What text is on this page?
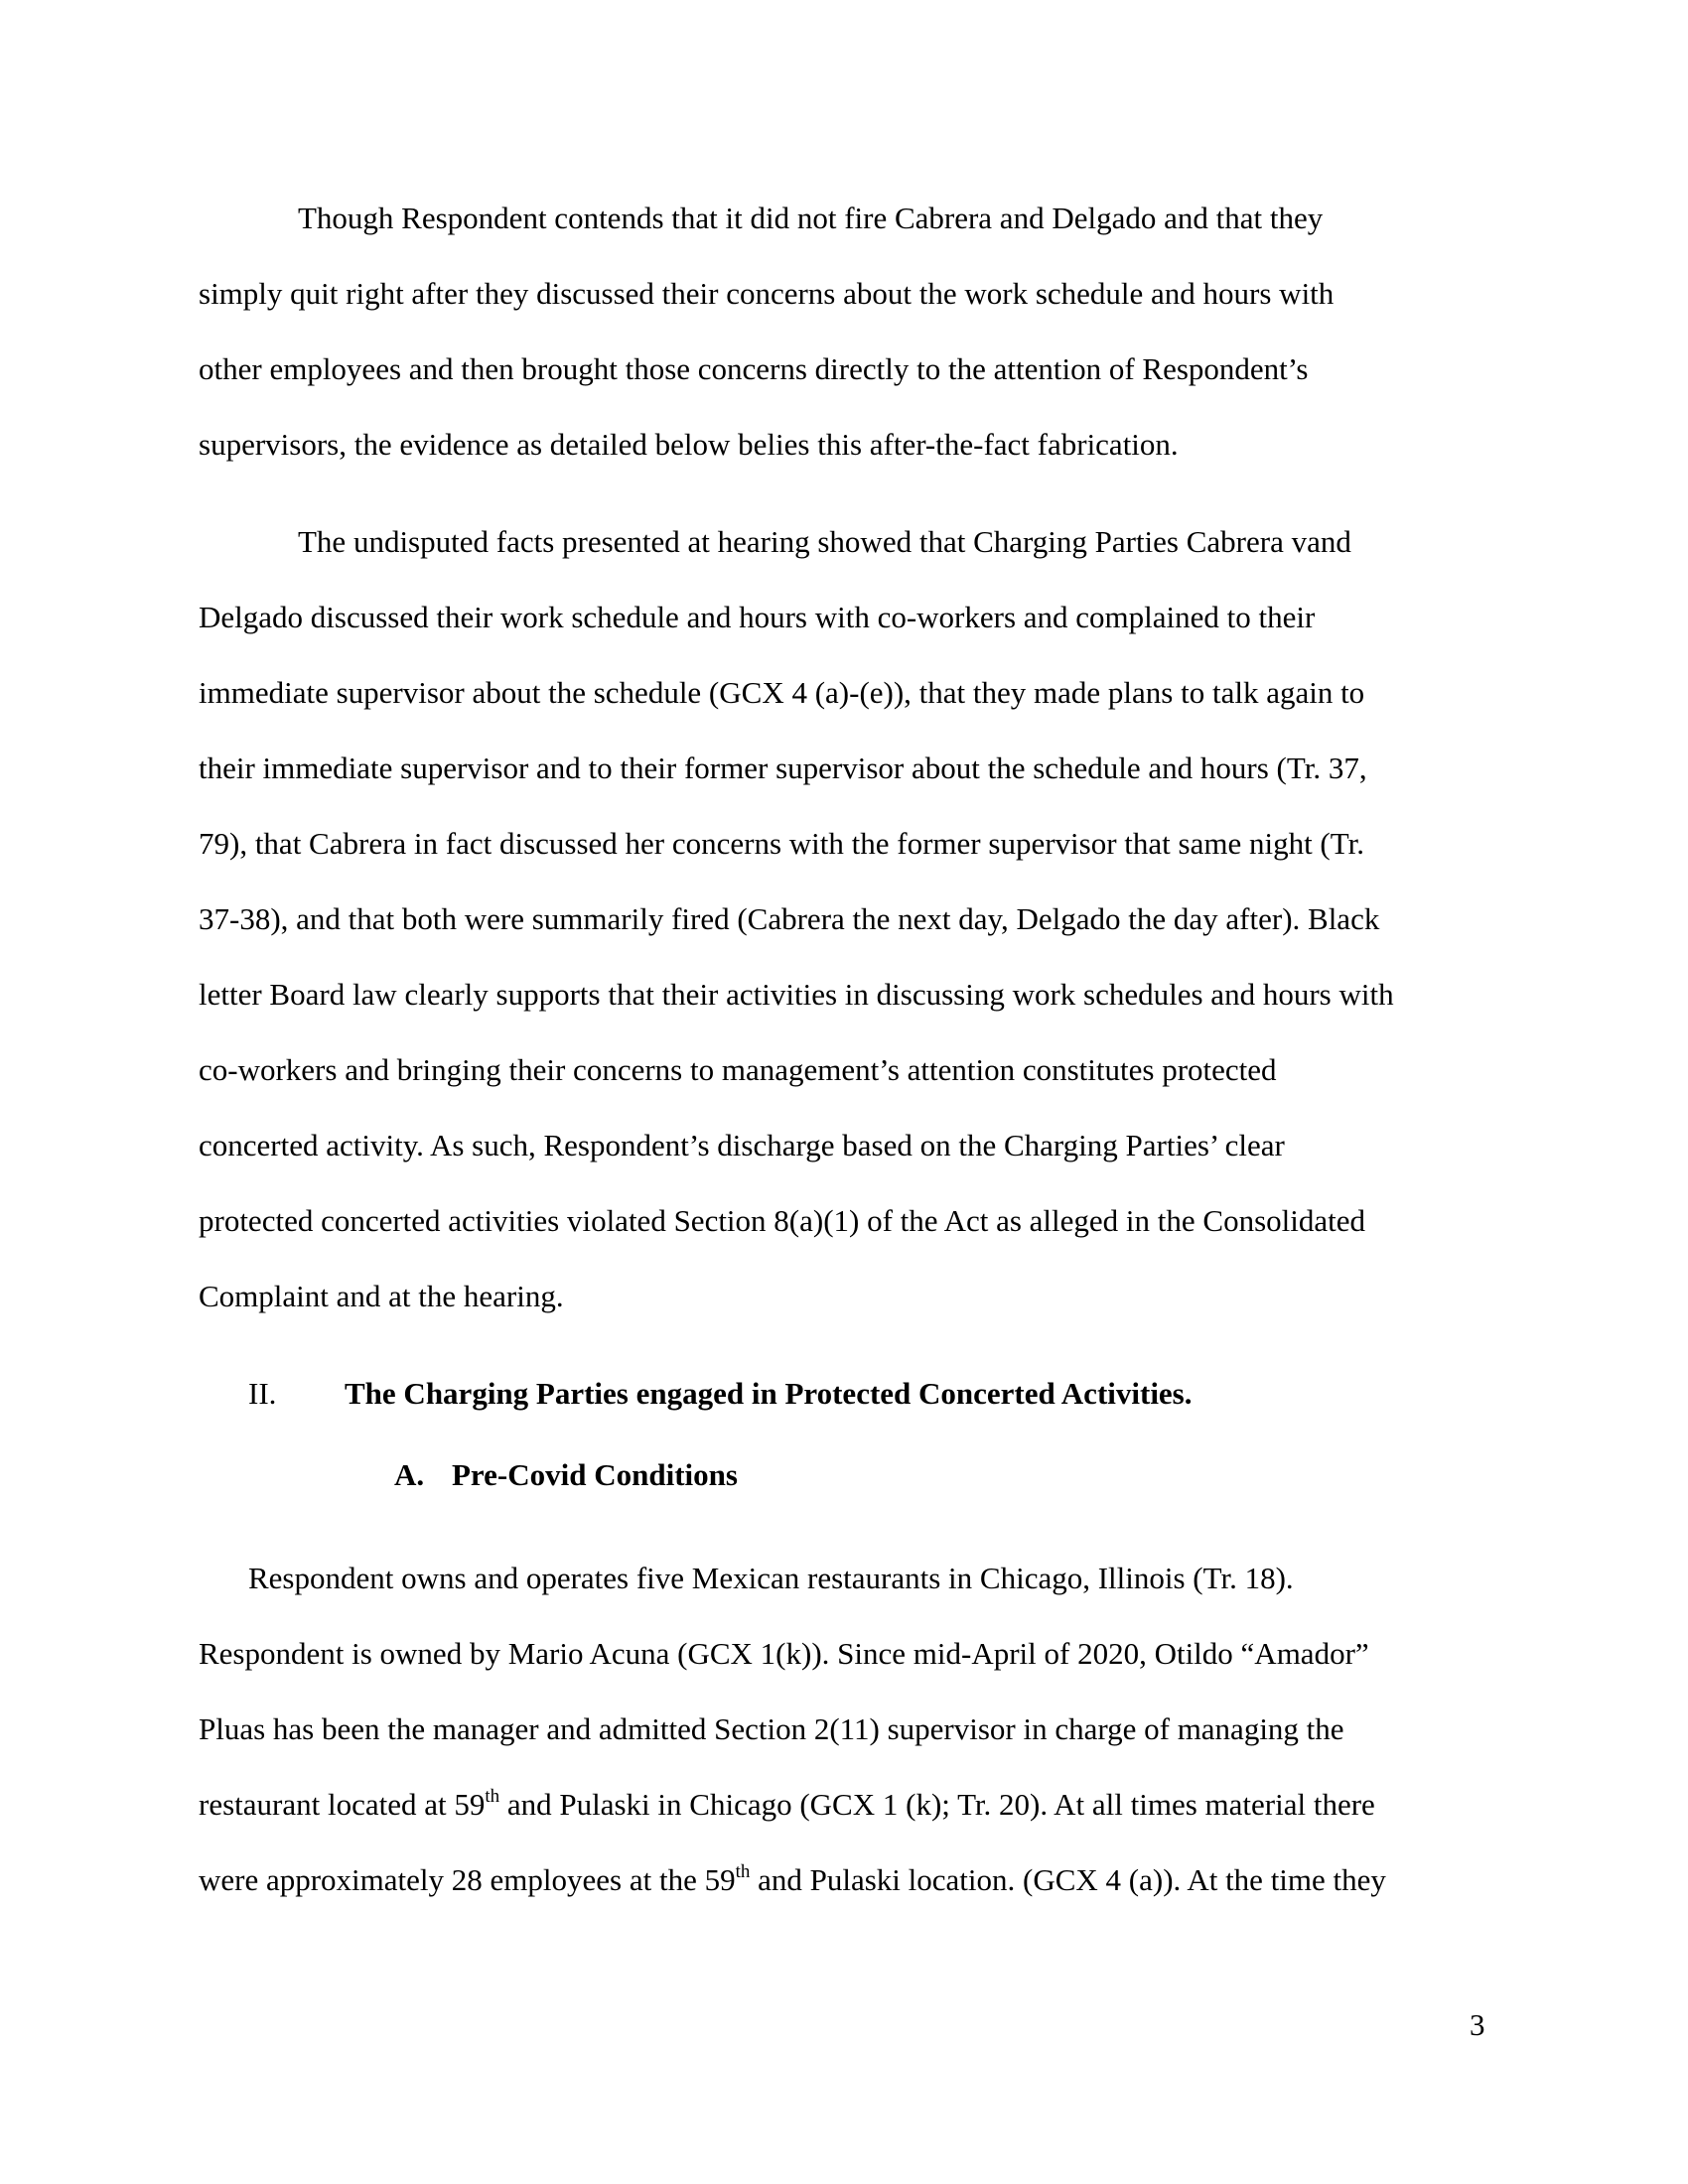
Though Respondent contends that it did not fire Cabrera and Delgado and that they
simply quit right after they discussed their concerns about the work schedule and hours with
other employees and then brought those concerns directly to the attention of Respondent’s
supervisors, the evidence as detailed below belies this after-the-fact fabrication.
The undisputed facts presented at hearing showed that Charging Parties Cabrera vand
Delgado discussed their work schedule and hours with co-workers and complained to their
immediate supervisor about the schedule (GCX 4 (a)-(e)), that they made plans to talk again to
their immediate supervisor and to their former supervisor about the schedule and hours (Tr. 37,
79), that Cabrera in fact discussed her concerns with the former supervisor that same night (Tr.
37-38), and that both were summarily fired (Cabrera the next day, Delgado the day after). Black
letter Board law clearly supports that their activities in discussing work schedules and hours with
co-workers and bringing their concerns to management’s attention constitutes protected
concerted activity. As such, Respondent’s discharge based on the Charging Parties’ clear
protected concerted activities violated Section 8(a)(1) of the Act as alleged in the Consolidated
Complaint and at the hearing.
II. The Charging Parties engaged in Protected Concerted Activities.
A. Pre-Covid Conditions
Respondent owns and operates five Mexican restaurants in Chicago, Illinois (Tr. 18).
Respondent is owned by Mario Acuna (GCX 1(k)). Since mid-April of 2020, Otildo “Amador”
Pluas has been the manager and admitted Section 2(11) supervisor in charge of managing the
restaurant located at 59th and Pulaski in Chicago (GCX 1 (k); Tr. 20). At all times material there
were approximately 28 employees at the 59th and Pulaski location. (GCX 4 (a)). At the time they
3
